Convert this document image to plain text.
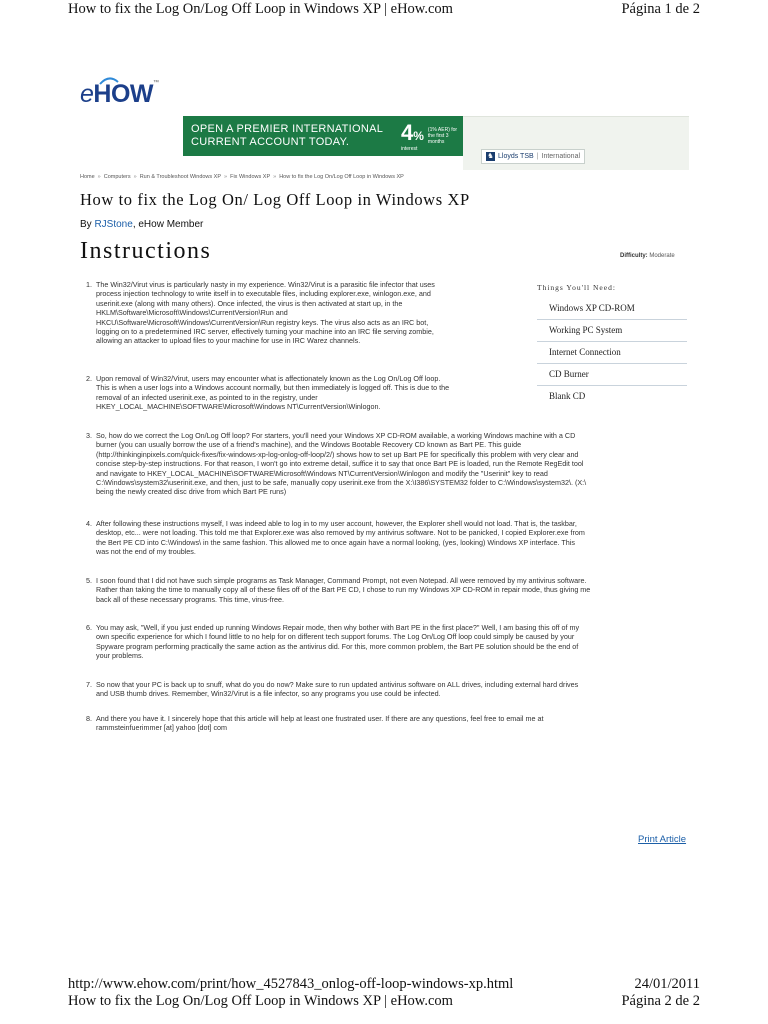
How to fix the Log On/Log Off Loop in Windows XP | eHow.com	Página 1 de 2
eHOW™
OPEN A PREMIER INTERNATIONAL
CURRENT ACCOUNT TODAY.	4%
interest
(1% AER) for the first 3 months
♞ Lloyds TSB | International
Home » Computers » Run & Troubleshoot Windows XP » Fix Windows XP » How to fix the Log On/Log Off Loop in Windows XP
How to fix the Log On/ Log Off Loop in Windows XP
By RJStone, eHow Member
Instructions	Difficulty: Moderate
1. The Win32/Virut virus is particularly nasty in my experience. Win32/Virut is a parasitic file infector that uses
process injection technology to write itself in to executable files, including explorer.exe, winlogon.exe, and
userinit.exe (along with many others). Once infected, the virus is then activated at start up, in the
HKLM\Software\Microsoft\Windows\CurrentVersion\Run and
HKCU\Software\Microsoft\Windows\CurrentVersion\Run registry keys. The virus also acts as an IRC bot,
logging on to a predetermined IRC server, effectively turning your machine into an IRC file serving zombie,
allowing an attacker to upload files to your machine for use in IRC Warez channels.
2. Upon removal of Win32/Virut, users may encounter what is affectionately known as the Log On/Log Off loop.
This is when a user logs into a Windows account normally, but then immediately is logged off. This is due to the
removal of an infected userinit.exe, as pointed to in the registry, under
HKEY_LOCAL_MACHINE\SOFTWARE\Microsoft\Windows NT\CurrentVersion\Winlogon.
3. So, how do we correct the Log On/Log Off loop? For starters, you'll need your Windows XP CD-ROM available, a working Windows machine with a CD
burner (you can usually borrow the use of a friend's machine), and the Windows Bootable Recovery CD known as Bart PE. This guide
(http://thinkinginpixels.com/quick-fixes/fix-windows-xp-log-onlog-off-loop/2/) shows how to set up Bart PE for specifically this problem with very clear and
concise step-by-step instructions. For that reason, I won't go into extreme detail, suffice it to say that once Bart PE is loaded, run the Remote RegEdit tool
and navigate to HKEY_LOCAL_MACHINE\SOFTWARE\Microsoft\Windows NT\CurrentVersion\Winlogon and modify the "Userinit" key to read
C:\Windows\system32\userinit.exe, and then, just to be safe, manually copy userinit.exe from the X:\I386\SYSTEM32 folder to C:\Windows\system32\. (X:\
being the newly created disc drive from which Bart PE runs)
4. After following these instructions myself, I was indeed able to log in to my user account, however, the Explorer shell would not load. That is, the taskbar,
desktop, etc... were not loading. This told me that Explorer.exe was also removed by my antivirus software. Not to be panicked, I copied Explorer.exe from
the Bert PE CD into C:\Windows\ in the same fashion. This allowed me to once again have a normal looking, (yes, looking) Windows XP interface. This
was not the end of my troubles.
5. I soon found that I did not have such simple programs as Task Manager, Command Prompt, not even Notepad. All were removed by my antivirus software.
Rather than taking the time to manually copy all of these files off of the Bart PE CD, I chose to run my Windows XP CD-ROM in repair mode, thus giving me
back all of these necessary programs. This time, virus-free.
6. You may ask, "Well, if you just ended up running Windows Repair mode, then why bother with Bart PE in the first place?" Well, I am basing this off of my
own specific experience for which I found little to no help for on different tech support forums. The Log On/Log Off loop could simply be caused by your
Spyware program performing practically the same action as the antivirus did. For this, more common problem, the Bart PE solution should be the end of
your problems.
7. So now that your PC is back up to snuff, what do you do now? Make sure to run updated antivirus software on ALL drives, including external hard drives
and USB thumb drives. Remember, Win32/Virut is a file infector, so any programs you use could be infected.
8. And there you have it. I sincerely hope that this article will help at least one frustrated user. If there are any questions, feel free to email me at
rammsteinfuerimmer [at] yahoo [dot] com
Things You'll Need:
Windows XP CD-ROM
Working PC System
Internet Connection
CD Burner
Blank CD
Print Article
http://www.ehow.com/print/how_4527843_onlog-off-loop-windows-xp.html	24/01/2011
How to fix the Log On/Log Off Loop in Windows XP | eHow.com	Página 2 de 2
